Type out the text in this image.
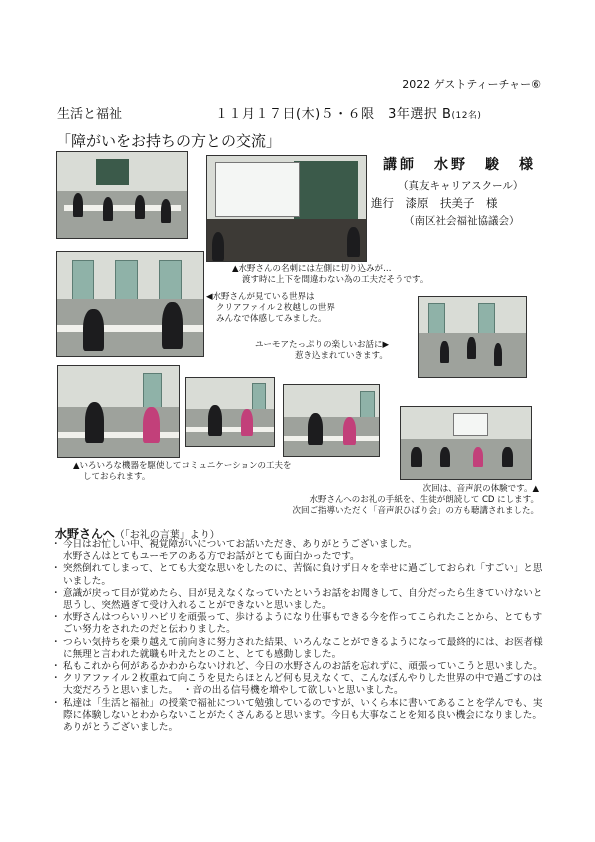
2022 ゲストティーチャー⑥
生活と福祉	１１月１７日(木)５・６限　3年選択 B(12名)
「障がいをお持ちの方との交流」
講師　水野　駿　様
（真友キャリアスクール）
進行　漆原　扶美子　様
（南区社会福祉協議会）
▲水野さんの名刺には左側に切り込みが…
渡す時に上下を間違わない為の工夫だそうです。
◀水野さんが見ている世界は
クリアファイル２枚越しの世界
みんなで体感してみました。
ユーモアたっぷりの楽しいお話に▶
惹き込まれていきます。
▲いろいろな機器を駆使してコミュニケーションの工夫を
しておられます。
次回は、音声訳の体験です。▲
水野さんへのお礼の手紙を、生徒が朗読して CD にします。
次回ご指導いただく「音声訳ひばり会」の方も聴講されました。
水野さんへ（「お礼の言葉」より）
・ 今日はお忙しい中、視覚障がいについてお話いただき、ありがとうございました。
水野さんはとてもユーモアのある方でお話がとても面白かったです。
・ 突然倒れてしまって、とても大変な思いをしたのに、苦悩に負けず日々を幸せに過ごしておられ「すごい」と思いました。
・ 意識が戻って目が覚めたら、目が見えなくなっていたというお話をお聞きして、自分だったら生きていけないと思うし、突然過ぎて受け入れることができないと思いました。
・ 水野さんはつらいリハビリを頑張って、歩けるようになり仕事もできる今を作ってこられたことから、とてもすごい努力をされたのだと伝わりました。
・ つらい気持ちを乗り越えて前向きに努力された結果、いろんなことができるようになって最終的には、お医者様に無理と言われた就職も叶えたとのこと、とても感動しました。
・ 私もこれから何があるかわからないけれど、今日の水野さんのお話を忘れずに、頑張っていこうと思いました。
・ クリアファイル２枚重ねて向こうを見たらほとんど何も見えなくて、こんなぼんやりした世界の中で過ごすのは大変だろうと思いました。　・音の出る信号機を増やして欲しいと思いました。
・ 私達は「生活と福祉」の授業で福祉について勉強しているのですが、いくら本に書いてあることを学んでも、実際に体験しないとわからないことがたくさんあると思います。今日も大事なことを知る良い機会になりました。ありがとうございました。
